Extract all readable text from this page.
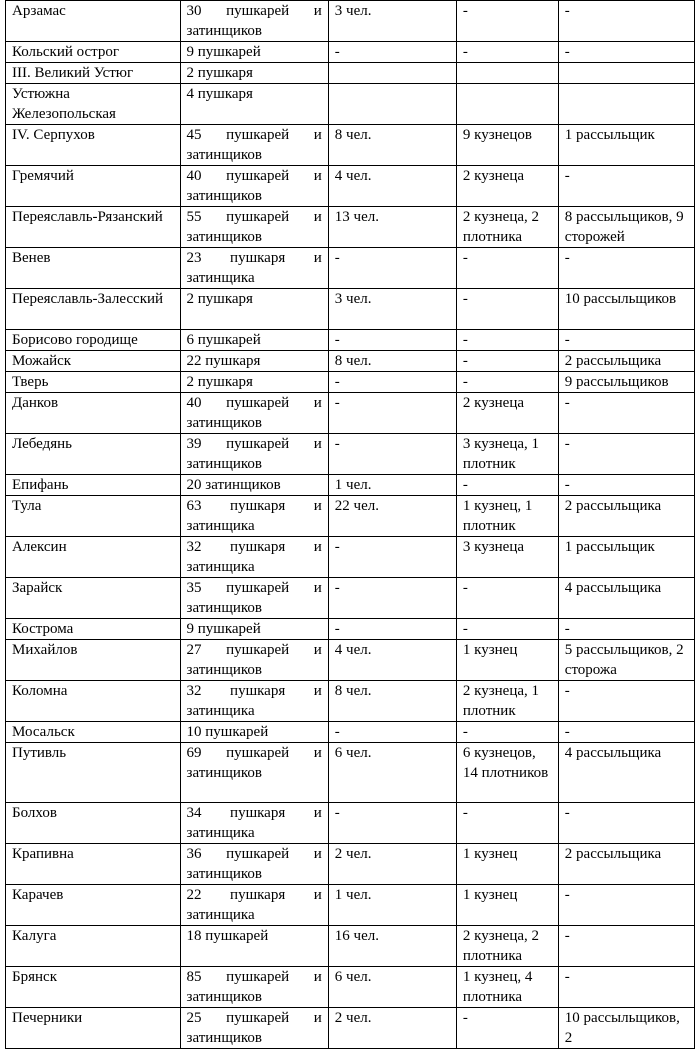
Арзамас	30 пушкарей и затинщиков	3 чел.	-	-
Кольский острог	9 пушкарей	-	-	-
III. Великий Устюг	2 пушкаря			
Устюжна Железопольская	4 пушкаря			
IV. Серпухов	45 пушкарей и затинщиков	8 чел.	9 кузнецов	1 рассыльщик
Гремячий	40 пушкарей и затинщиков	4 чел.	2 кузнеца	-
Переяславль-Рязанский	55 пушкарей и затинщиков	13 чел.	2 кузнеца, 2 плотника	8 рассыльщиков, 9 сторожей
Венев	23 пушкаря и затинщика	-	-	-
Переяславль-Залесский	2 пушкаря	3 чел.	-	10 рассыльщиков
Борисово городище	6 пушкарей	-	-	-
Можайск	22 пушкаря	8 чел.	-	2 рассыльщика
Тверь	2 пушкаря	-	-	9 рассыльщиков
Данков	40 пушкарей и затинщиков	-	2 кузнеца	-
Лебедянь	39 пушкарей и затинщиков	-	3 кузнеца, 1 плотник	-
Епифань	20 затинщиков	1 чел.	-	-
Тула	63 пушкаря и затинщика	22 чел.	1 кузнец, 1 плотник	2 рассыльщика
Алексин	32 пушкаря и затинщика	-	3 кузнеца	1 рассыльщик
Зарайск	35 пушкарей и затинщиков	-	-	4 рассыльщика
Кострома	9 пушкарей	-	-	-
Михайлов	27 пушкарей и затинщиков	4 чел.	1 кузнец	5 рассыльщиков, 2 сторожа
Коломна	32 пушкаря и затинщика	8 чел.	2 кузнеца, 1 плотник	-
Мосальск	10 пушкарей	-	-	-
Путивль	69 пушкарей и затинщиков	6 чел.	6 кузнецов, 14 плотников	4 рассыльщика
Болхов	34 пушкаря и затинщика	-	-	-
Крапивна	36 пушкарей и затинщиков	2 чел.	1 кузнец	2 рассыльщика
Карачев	22 пушкаря и затинщика	1 чел.	1 кузнец	-
Калуга	18 пушкарей	16 чел.	2 кузнеца, 2 плотника	-
Брянск	85 пушкарей и затинщиков	6 чел.	1 кузнец, 4 плотника	-
Печерники	25 пушкарей и затинщиков	2 чел.	-	10 рассыльщиков, 2
